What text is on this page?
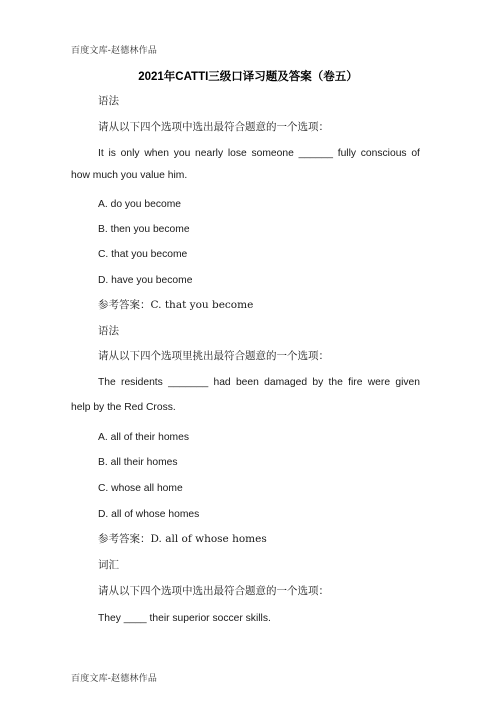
百度文库-赵德林作品
2021年CATTI三级口译习题及答案（卷五）
语法
请从以下四个选项中选出最符合题意的一个选项：
It is only when you nearly lose someone ______ fully conscious of
how much you value him.
A. do you become
B. then you become
C. that you become
D. have you become
参考答案：C. that you become
语法
请从以下四个选项里挑出最符合题意的一个选项：
The residents _______ had been damaged by the fire were given
help by the Red Cross.
A. all of their homes
B. all their homes
C. whose all home
D. all of whose homes
参考答案：D. all of whose homes
词汇
请从以下四个选项中选出最符合题意的一个选项：
They ____ their superior soccer skills.
百度文库-赵德林作品
